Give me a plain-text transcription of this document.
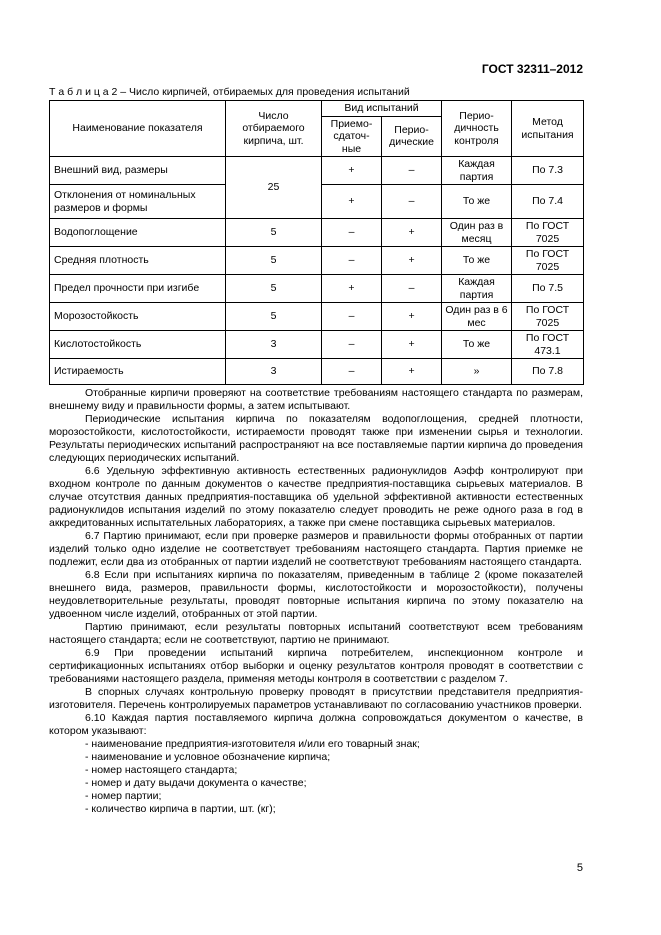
ГОСТ 32311–2012
Т а б л и ц а 2 – Число кирпичей, отбираемых для проведения испытаний
Наименование показателя	Число отбираемого кирпича, шт.	Вид испытаний		Перио-дичность контроля	Метод испытания
		Приемо-сдаточ-ные	Перио-дические		
Внешний вид, размеры	25	+	–	Каждая партия	По 7.3
Отклонения от номинальных размеров и формы		+	–	То же	По 7.4
Водопоглощение	5	–	+	Один раз в месяц	По ГОСТ 7025
Средняя плотность	5	–	+	То же	По ГОСТ 7025
Предел прочности при изгибе	5	+	–	Каждая партия	По 7.5
Морозостойкость	5	–	+	Один раз в 6 мес	По ГОСТ 7025
Кислотостойкость	3	–	+	То же	По ГОСТ 473.1
Истираемость	3	–	+	»	По 7.8

Отобранные кирпичи проверяют на соответствие требованиям настоящего стандарта по размерам, внешнему виду и правильности формы, а затем испытывают.

Периодические испытания кирпича по показателям водопоглощения, средней плотности, морозостойкости, кислотостойкости, истираемости проводят также при изменении сырья и технологии. Результаты периодических испытаний распространяют на все поставляемые партии кирпича до проведения следующих периодических испытаний.

6.6 Удельную эффективную активность естественных радионуклидов Аэфф контролируют при входном контроле по данным документов о качестве предприятия-поставщика сырьевых материалов. В случае отсутствия данных предприятия-поставщика об удельной эффективной активности естественных радионуклидов испытания изделий по этому показателю следует проводить не реже одного раза в год в аккредитованных испытательных лабораториях, а также при смене поставщика сырьевых материалов.

6.7 Партию принимают, если при проверке размеров и правильности формы отобранных от партии изделий только одно изделие не соответствует требованиям настоящего стандарта. Партия приемке не подлежит, если два из отобранных от партии изделий не соответствуют требованиям настоящего стандарта.

6.8 Если при испытаниях кирпича по показателям, приведенным в таблице 2 (кроме показателей внешнего вида, размеров, правильности формы, кислотостойкости и морозостойкости), получены неудовлетворительные результаты, проводят повторные испытания кирпича по этому показателю на удвоенном числе изделий, отобранных от этой партии.

Партию принимают, если результаты повторных испытаний соответствуют всем требованиям настоящего стандарта; если не соответствуют, партию не принимают.

6.9 При проведении испытаний кирпича потребителем, инспекционном контроле и сертификационных испытаниях отбор выборки и оценку результатов контроля проводят в соответствии с требованиями настоящего раздела, применяя методы контроля в соответствии с разделом 7.

В спорных случаях контрольную проверку проводят в присутствии представителя предприятия-изготовителя. Перечень контролируемых параметров устанавливают по согласованию участников проверки.

6.10 Каждая партия поставляемого кирпича должна сопровождаться документом о качестве, в котором указывают:

- наименование предприятия-изготовителя и/или его товарный знак;

- наименование и условное обозначение кирпича;

- номер настоящего стандарта;

- номер и дату выдачи документа о качестве;

- номер партии;

- количество кирпича в партии, шт. (кг);

5
